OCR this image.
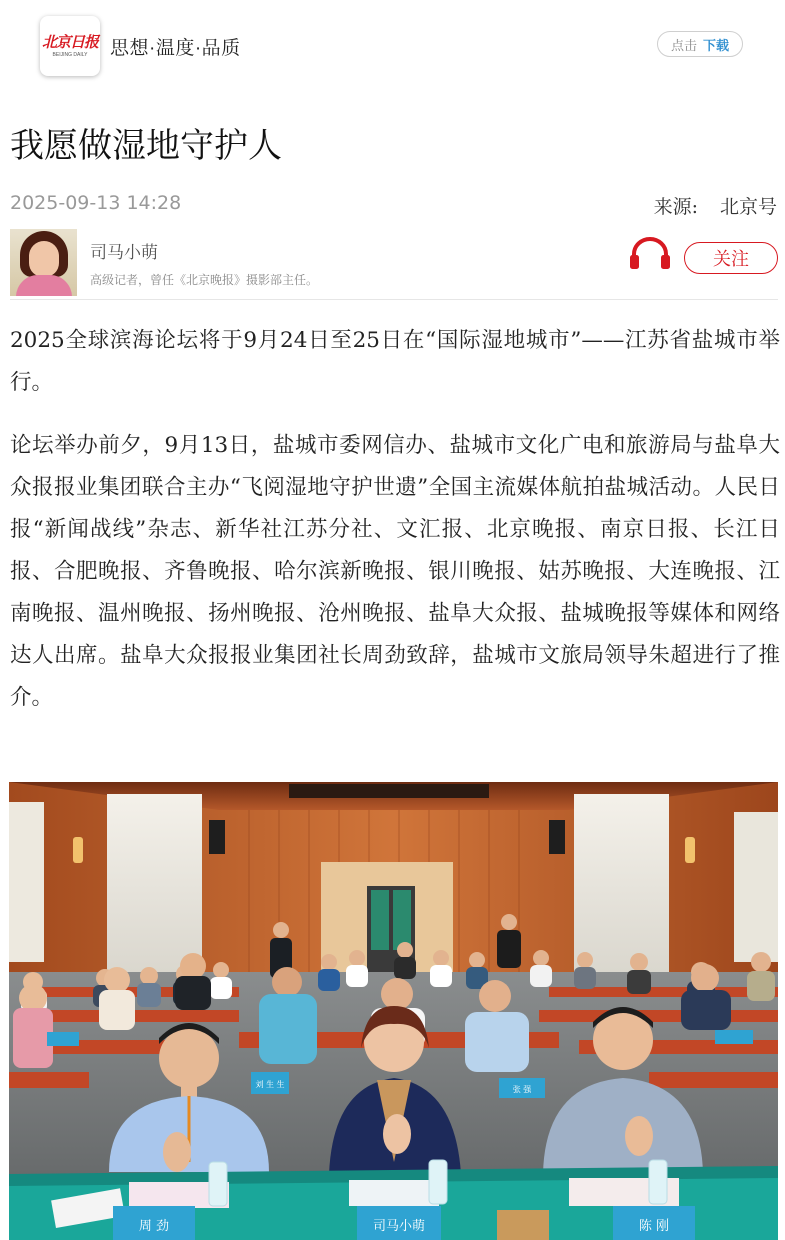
北京日报
BEIJING DAILY 思想·温度·品质	点击 下载
我愿做湿地守护人
2025-09-13 14:28	来源: 北京号
司马小萌
高级记者，曾任《北京晚报》摄影部主任。
关注

2025全球滨海论坛将于9月24日至25日在“国际湿地城市”——江苏省盐城市举行。

论坛举办前夕，9月13日，盐城市委网信办、盐城市文化广电和旅游局与盐阜大众报报业集团联合主办“飞阅湿地守护世遗”全国主流媒体航拍盐城活动。人民日报“新闻战线”杂志、新华社江苏分社、文汇报、北京晚报、南京日报、长江日报、合肥晚报、齐鲁晚报、哈尔滨新晚报、银川晚报、姑苏晚报、大连晚报、江南晚报、温州晚报、扬州晚报、沧州晚报、盐阜大众报、盐城晚报等媒体和网络达人出席。盐阜大众报报业集团社长周劲致辞，盐城市文旅局领导朱超进行了推介。

周 劲	司马小萌	陈 刚
刘 生 生
张 强
